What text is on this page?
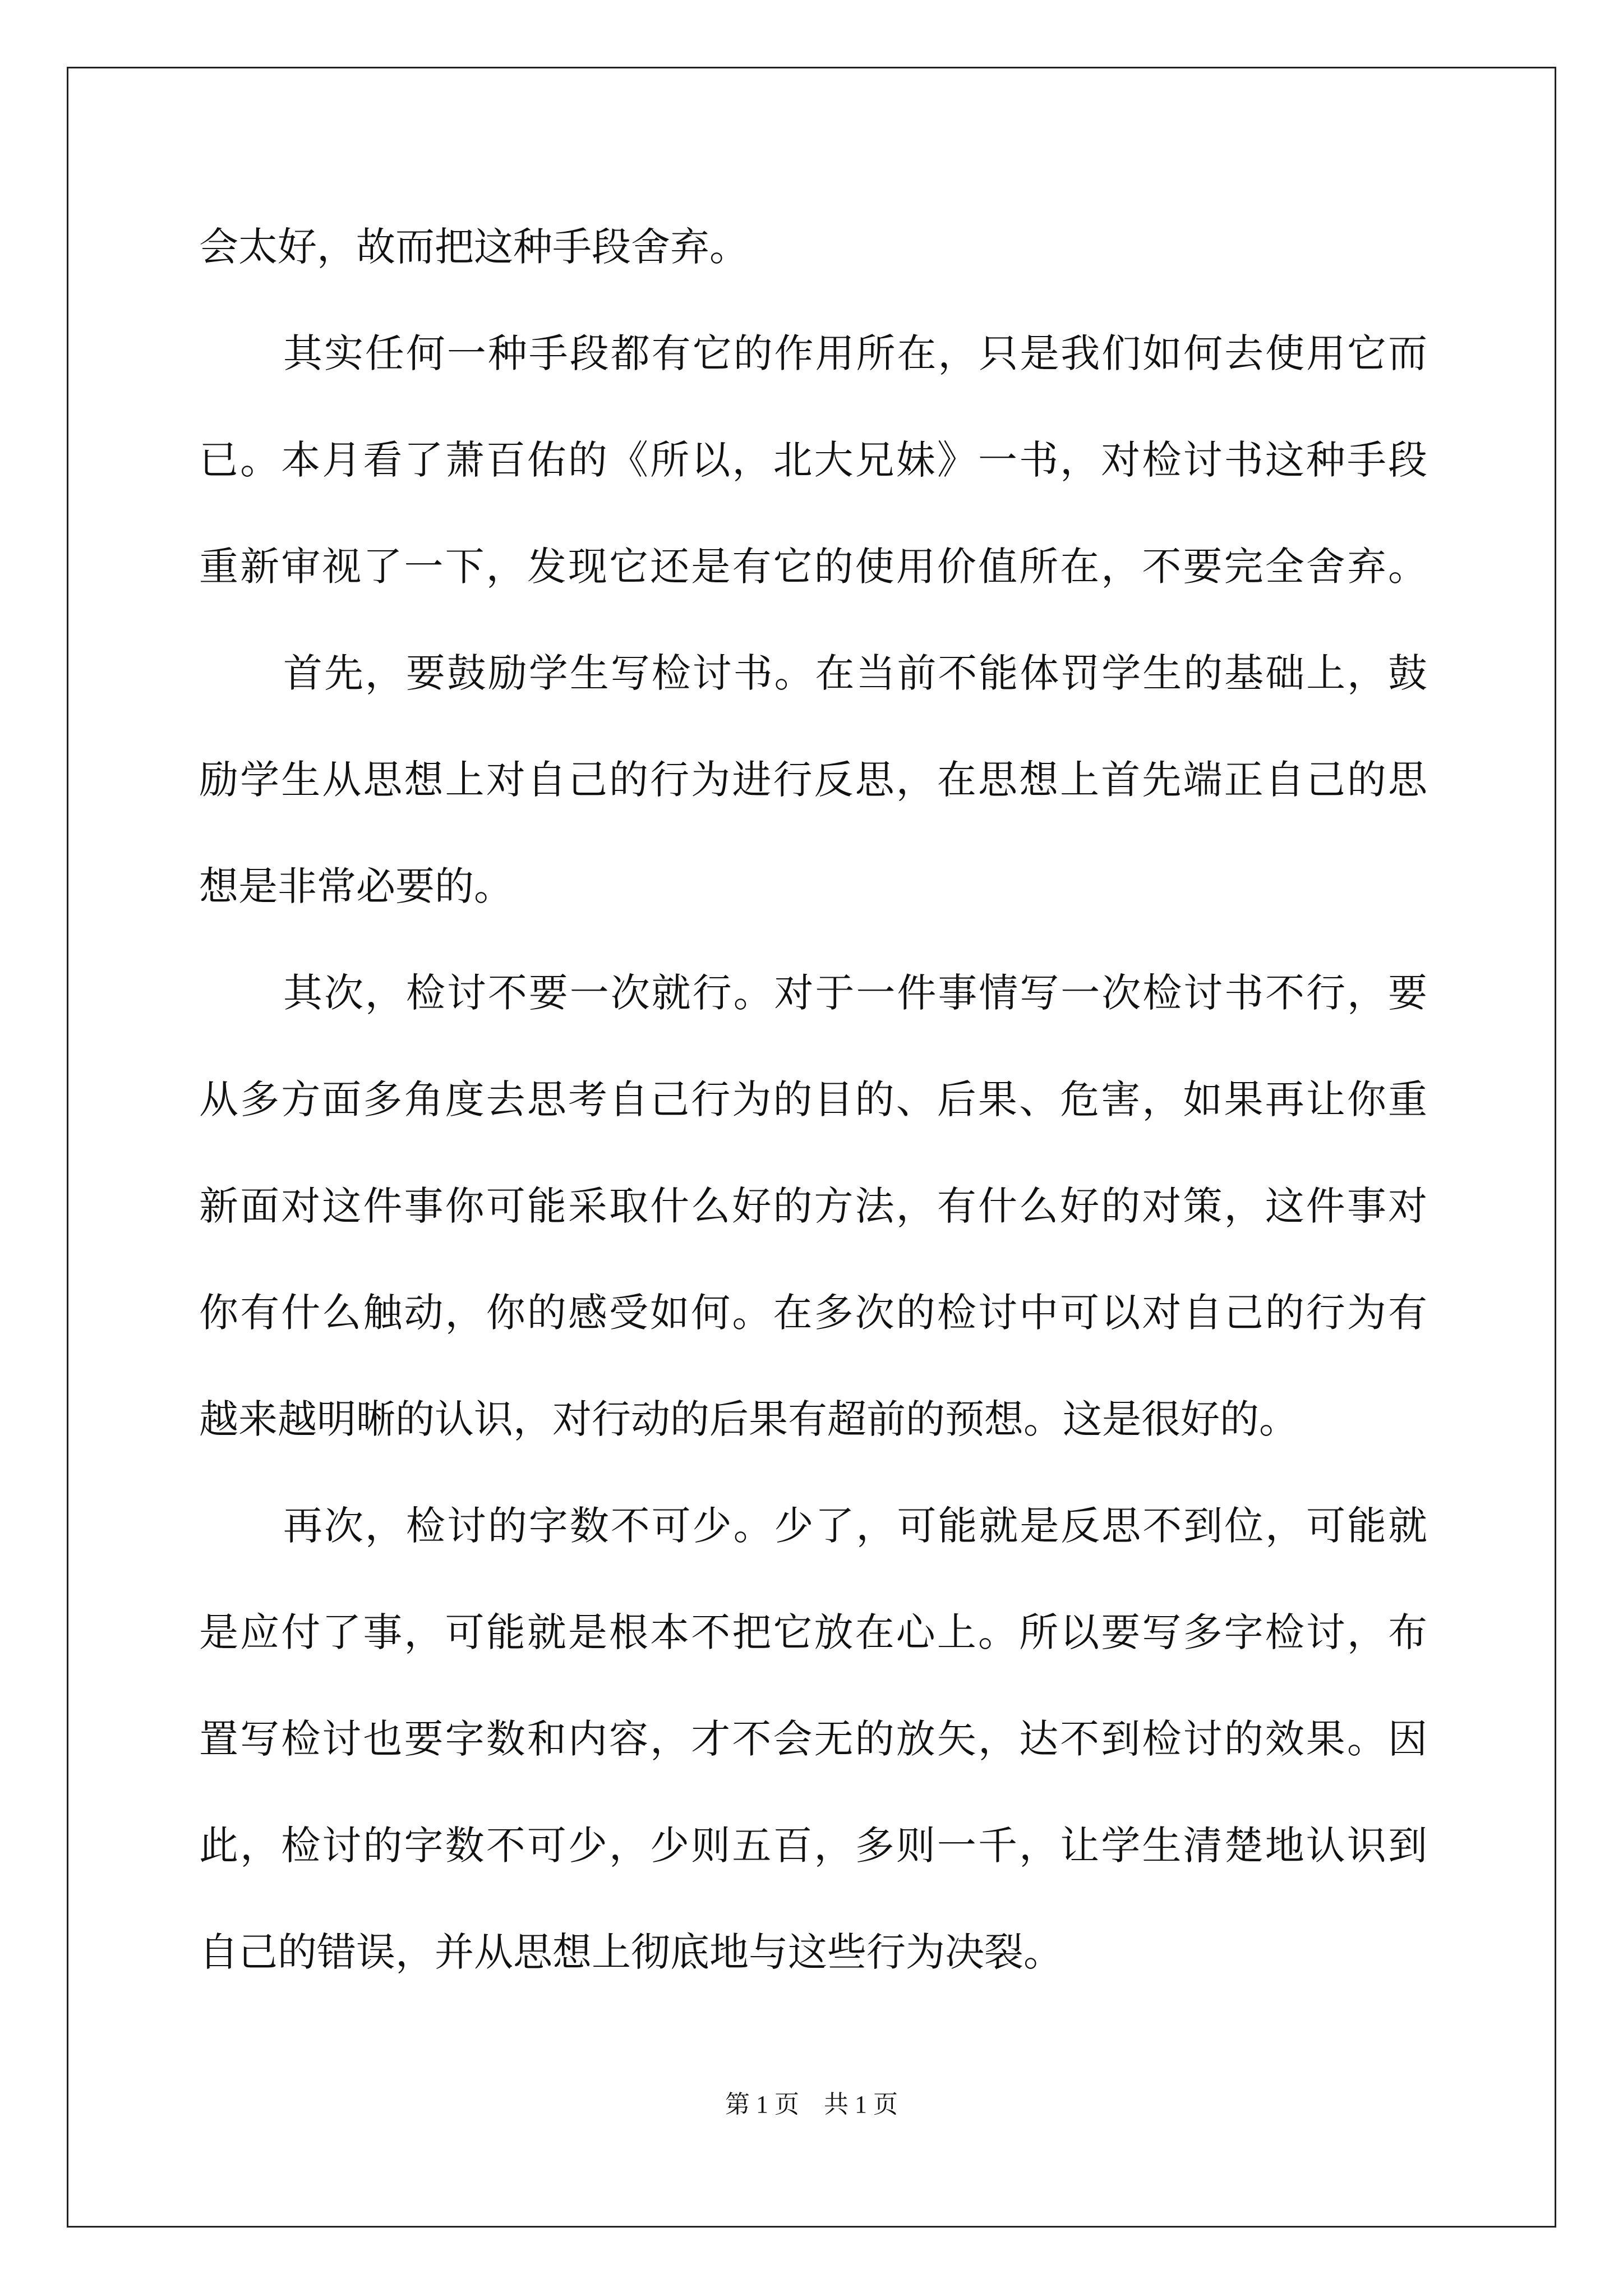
会太好，故而把这种手段舍弃。
其实任何一种手段都有它的作用所在，只是我们如何去使用它而
已。本月看了萧百佑的《所以，北大兄妹》一书，对检讨书这种手段
重新审视了一下，发现它还是有它的使用价值所在，不要完全舍弃。
首先，要鼓励学生写检讨书。在当前不能体罚学生的基础上，鼓
励学生从思想上对自己的行为进行反思，在思想上首先端正自己的思
想是非常必要的。
其次，检讨不要一次就行。对于一件事情写一次检讨书不行，要
从多方面多角度去思考自己行为的目的、后果、危害，如果再让你重
新面对这件事你可能采取什么好的方法，有什么好的对策，这件事对
你有什么触动，你的感受如何。在多次的检讨中可以对自己的行为有
越来越明晰的认识，对行动的后果有超前的预想。这是很好的。
再次，检讨的字数不可少。少了，可能就是反思不到位，可能就
是应付了事，可能就是根本不把它放在心上。所以要写多字检讨，布
置写检讨也要字数和内容，才不会无的放矢，达不到检讨的效果。因
此，检讨的字数不可少，少则五百，多则一千，让学生清楚地认识到
自己的错误，并从思想上彻底地与这些行为决裂。
第 1 页    共 1 页
